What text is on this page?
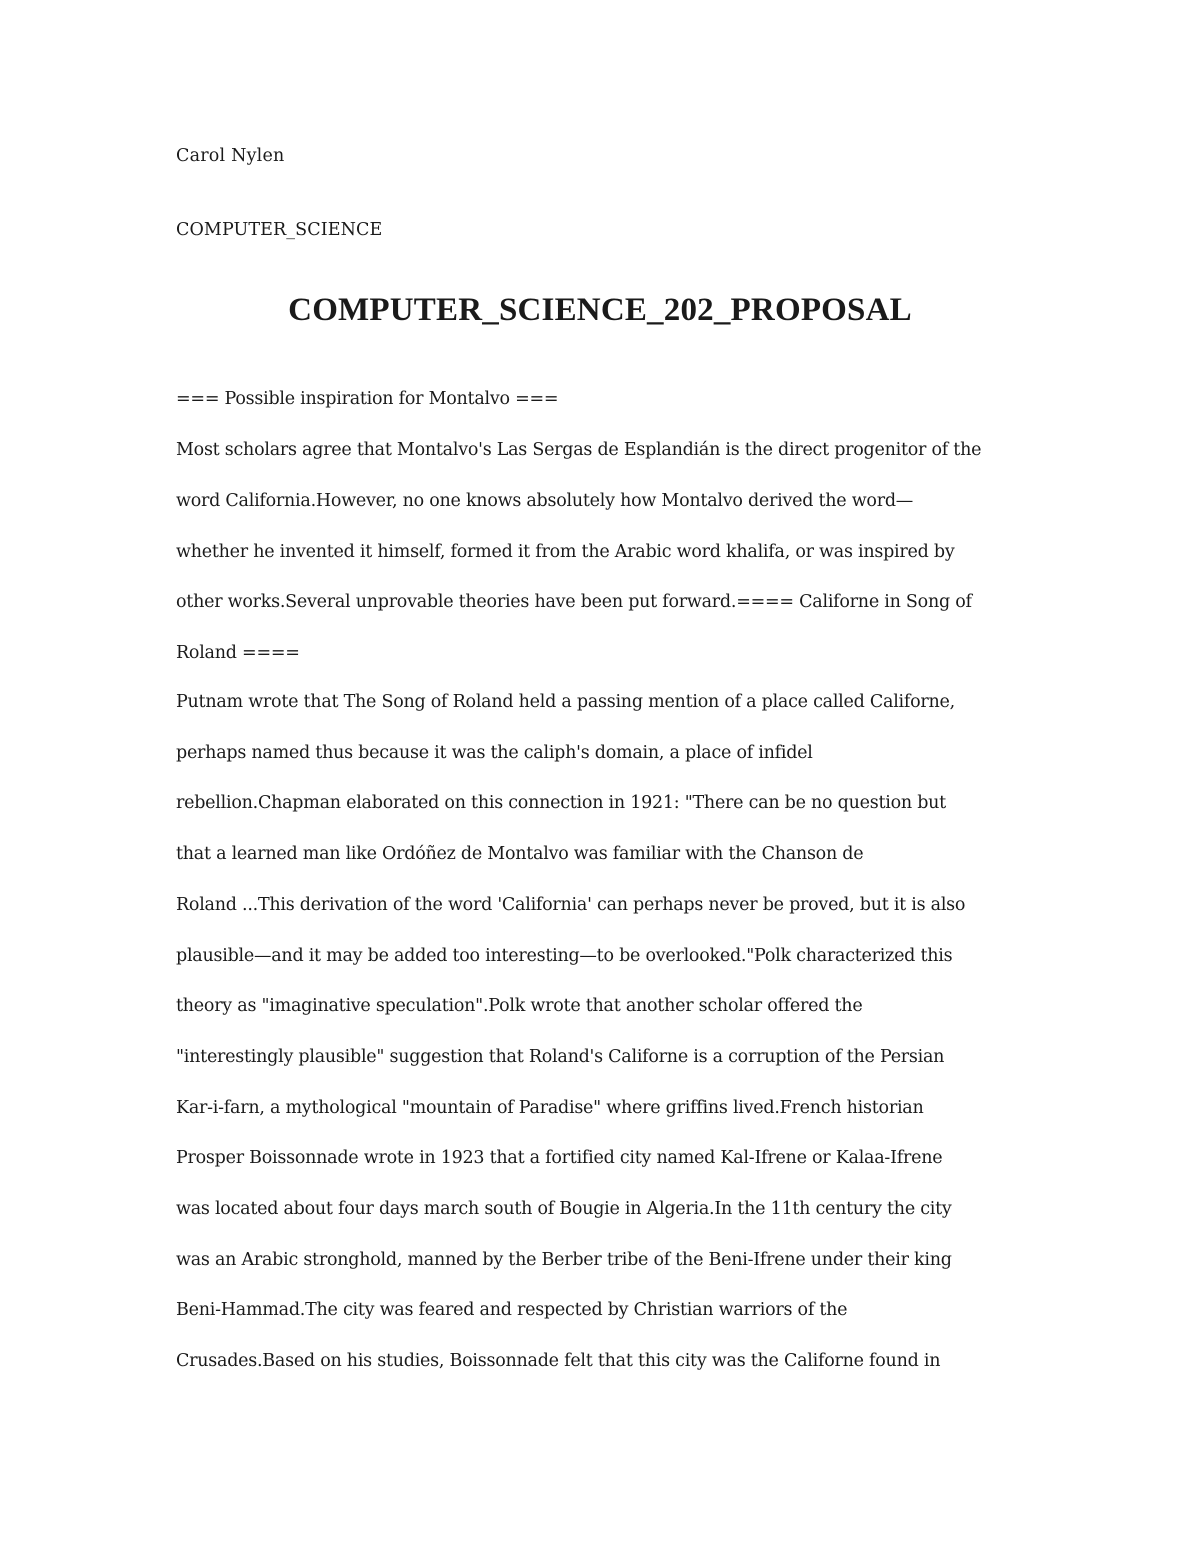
Carol Nylen
COMPUTER_SCIENCE
COMPUTER_SCIENCE_202_PROPOSAL
=== Possible inspiration for Montalvo ===
Most scholars agree that Montalvo's Las Sergas de Esplandián is the direct progenitor of the
word California.However, no one knows absolutely how Montalvo derived the word—
whether he invented it himself, formed it from the Arabic word khalifa, or was inspired by
other works.Several unprovable theories have been put forward.==== Californe in Song of
Roland ====
Putnam wrote that The Song of Roland held a passing mention of a place called Californe,
perhaps named thus because it was the caliph's domain, a place of infidel
rebellion.Chapman elaborated on this connection in 1921: "There can be no question but
that a learned man like Ordóñez de Montalvo was familiar with the Chanson de
Roland ...This derivation of the word 'California' can perhaps never be proved, but it is also
plausible—and it may be added too interesting—to be overlooked."Polk characterized this
theory as "imaginative speculation".Polk wrote that another scholar offered the
"interestingly plausible" suggestion that Roland's Californe is a corruption of the Persian
Kar-i-farn, a mythological "mountain of Paradise" where griffins lived.French historian
Prosper Boissonnade wrote in 1923 that a fortified city named Kal-Ifrene or Kalaa-Ifrene
was located about four days march south of Bougie in Algeria.In the 11th century the city
was an Arabic stronghold, manned by the Berber tribe of the Beni-Ifrene under their king
Beni-Hammad.The city was feared and respected by Christian warriors of the
Crusades.Based on his studies, Boissonnade felt that this city was the Californe found in
